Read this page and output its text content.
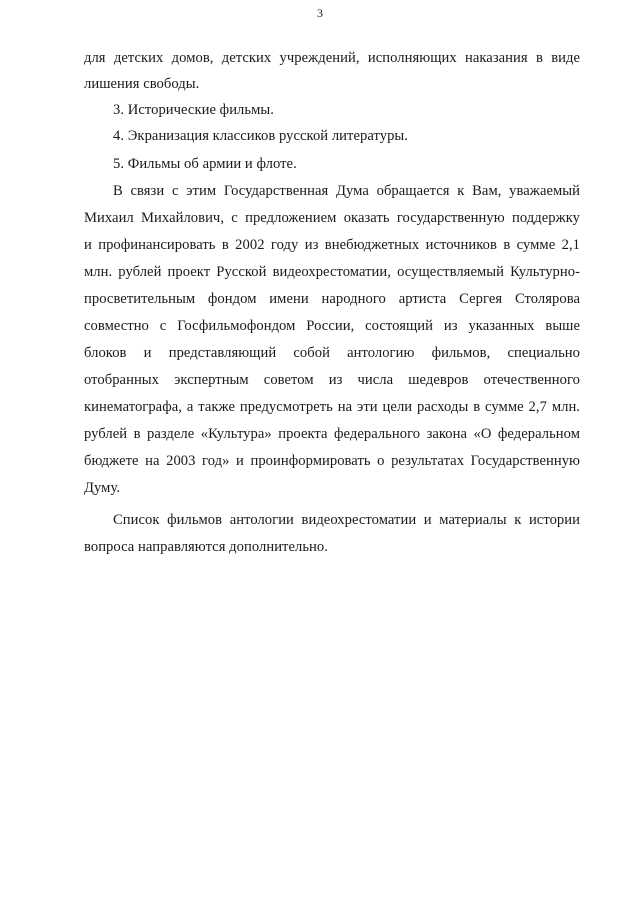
3
для детских домов, детских учреждений, исполняющих наказания в виде
лишения свободы.
3. Исторические фильмы.
4. Экранизация классиков русской литературы.
5. Фильмы об армии и флоте.
В связи с этим Государственная Дума обращается к Вам, уважаемый
Михаил Михайлович, с предложением оказать государственную поддержку
и профинансировать в 2002 году из внебюджетных источников в сумме 2,1
млн. рублей проект Русской видеохрестоматии, осуществляемый Культурно-
просветительным фондом имени народного артиста Сергея Столярова
совместно с Госфильмофондом России, состоящий из указанных выше
блоков и представляющий собой антологию фильмов, специально
отобранных экспертным советом из числа шедевров отечественного
кинематографа, а также предусмотреть на эти цели расходы в сумме 2,7 млн.
рублей в разделе «Культура» проекта федерального закона «О федеральном
бюджете на 2003 год» и проинформировать о результатах Государственную
Думу.
Список фильмов антологии видеохрестоматии и материалы к истории
вопроса направляются дополнительно.
